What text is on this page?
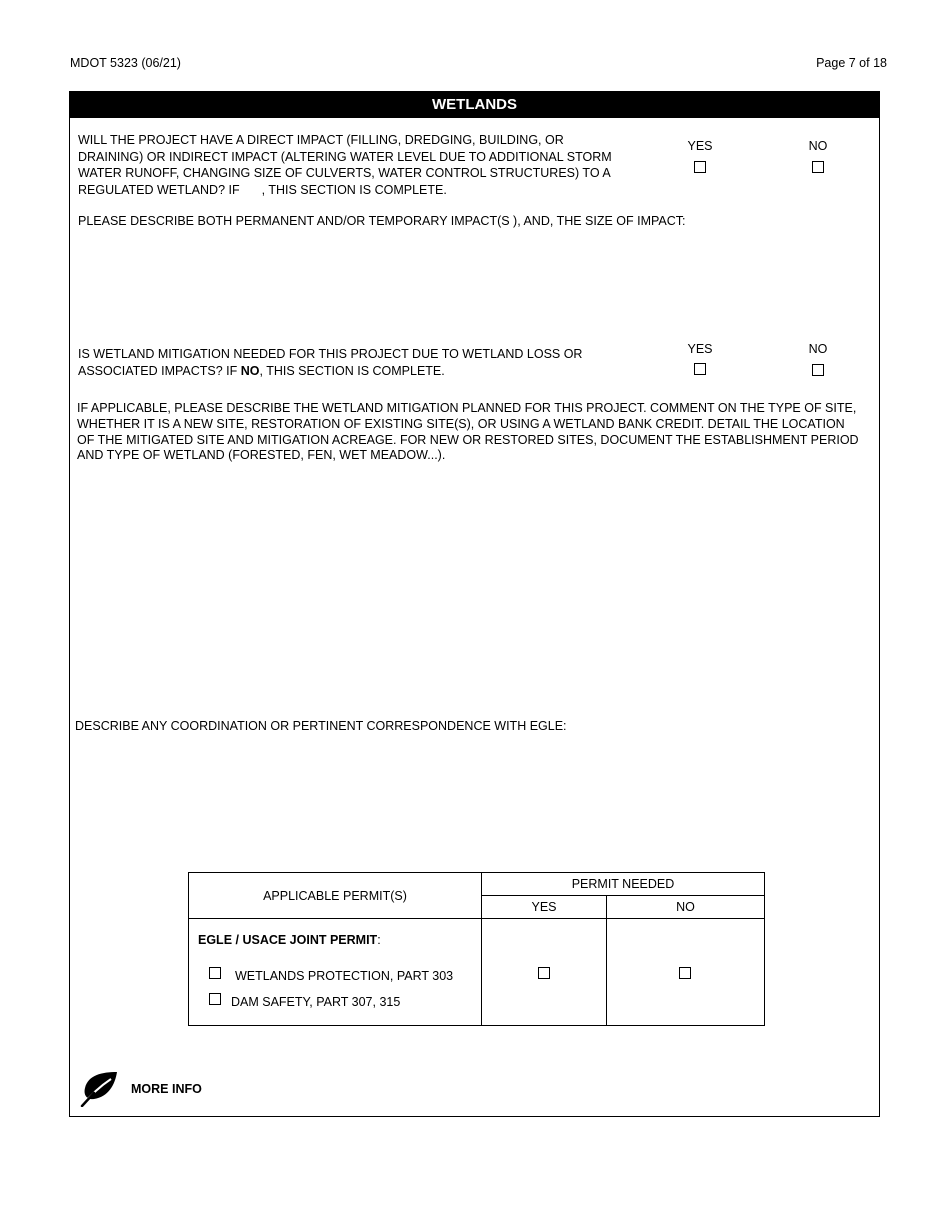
MDOT 5323 (06/21)	Page 7 of 18
WETLANDS
WILL THE PROJECT HAVE A DIRECT IMPACT (FILLING, DREDGING, BUILDING, OR
DRAINING) OR INDIRECT IMPACT (ALTERING WATER LEVEL DUE TO ADDITIONAL STORM
WATER RUNOFF, CHANGING SIZE OF CULVERTS, WATER CONTROL STRUCTURES) TO A
REGULATED WETLAND? IF , THIS SECTION IS COMPLETE.
YES	NO
PLEASE DESCRIBE BOTH PERMANENT AND/OR TEMPORARY IMPACT(S ), AND, THE SIZE OF IMPACT:
IS WETLAND MITIGATION NEEDED FOR THIS PROJECT DUE TO WETLAND LOSS OR
ASSOCIATED IMPACTS? IF NO, THIS SECTION IS COMPLETE.
YES	NO
IF APPLICABLE, PLEASE DESCRIBE THE WETLAND MITIGATION PLANNED FOR THIS PROJECT. COMMENT ON THE TYPE OF SITE,
WHETHER IT IS A NEW SITE, RESTORATION OF EXISTING SITE(S), OR USING A WETLAND BANK CREDIT. DETAIL THE LOCATION
OF THE MITIGATED SITE AND MITIGATION ACREAGE. FOR NEW OR RESTORED SITES, DOCUMENT THE ESTABLISHMENT PERIOD
AND TYPE OF WETLAND (FORESTED, FEN, WET MEADOW...).
DESCRIBE ANY COORDINATION OR PERTINENT CORRESPONDENCE WITH EGLE:
APPLICABLE PERMIT(S)	PERMIT NEEDED	
	YES	NO

EGLE / USACE JOINT PERMIT:
WETLANDS PROTECTION, PART 303
DAM SAFETY, PART 307, 315		

MORE INFO
